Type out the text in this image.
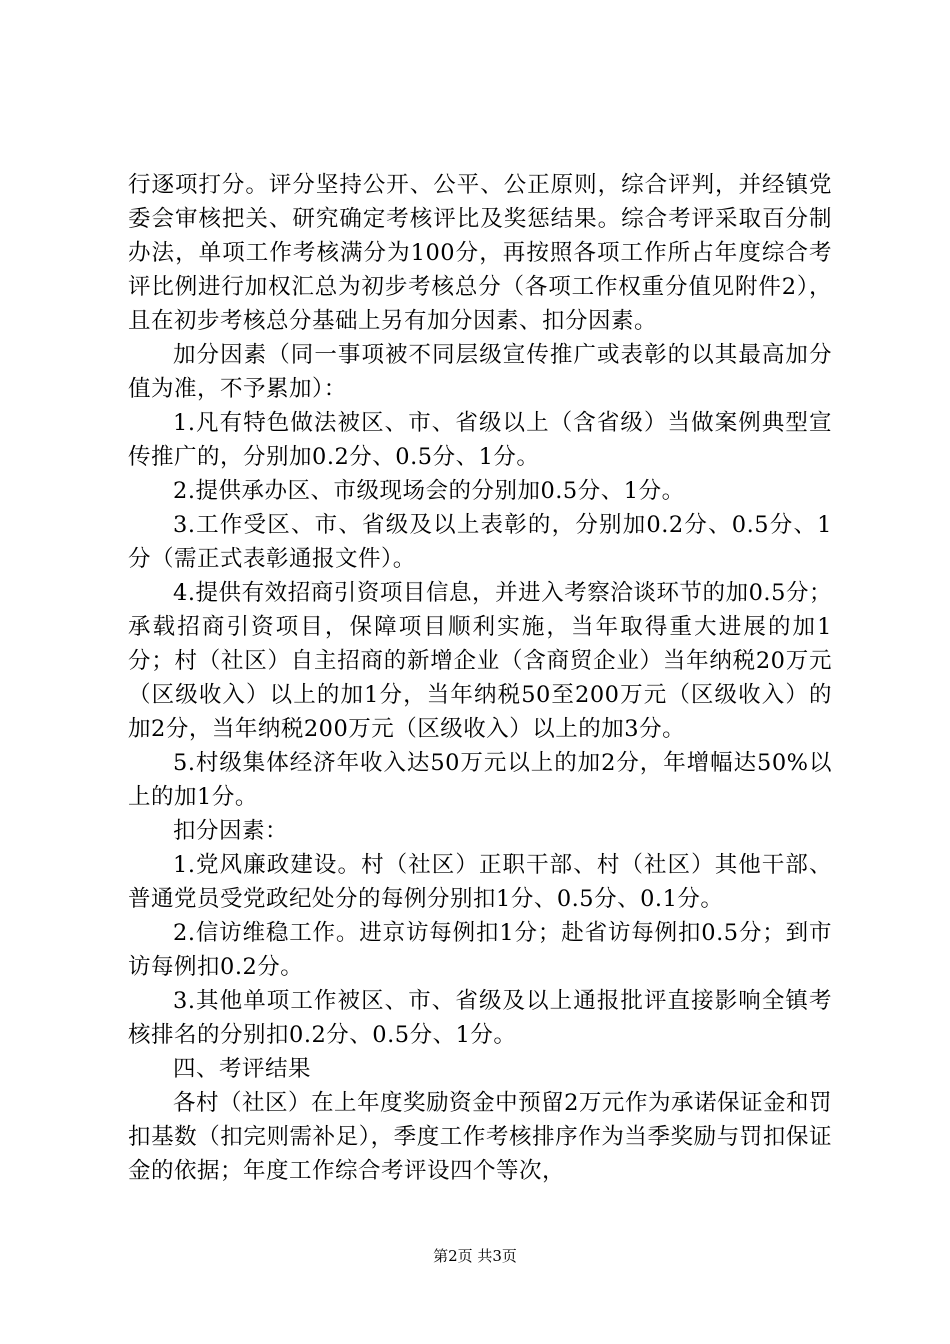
行逐项打分。评分坚持公开、公平、公正原则，综合评判，并经镇党委会审核把关、研究确定考核评比及奖惩结果。综合考评采取百分制办法，单项工作考核满分为100分，再按照各项工作所占年度综合考评比例进行加权汇总为初步考核总分（各项工作权重分值见附件2），且在初步考核总分基础上另有加分因素、扣分因素。

加分因素（同一事项被不同层级宣传推广或表彰的以其最高加分值为准，不予累加）：

1.凡有特色做法被区、市、省级以上（含省级）当做案例典型宣传推广的，分别加0.2分、0.5分、1分。

2.提供承办区、市级现场会的分别加0.5分、1分。

3.工作受区、市、省级及以上表彰的，分别加0.2分、0.5分、1分（需正式表彰通报文件）。

4.提供有效招商引资项目信息，并进入考察洽谈环节的加0.5分；承载招商引资项目，保障项目顺利实施，当年取得重大进展的加1分；村（社区）自主招商的新增企业（含商贸企业）当年纳税20万元（区级收入）以上的加1分，当年纳税50至200万元（区级收入）的加2分，当年纳税200万元（区级收入）以上的加3分。

5.村级集体经济年收入达50万元以上的加2分，年增幅达50%以上的加1分。

扣分因素：

1.党风廉政建设。村（社区）正职干部、村（社区）其他干部、普通党员受党政纪处分的每例分别扣1分、0.5分、0.1分。

2.信访维稳工作。进京访每例扣1分；赴省访每例扣0.5分；到市访每例扣0.2分。

3.其他单项工作被区、市、省级及以上通报批评直接影响全镇考核排名的分别扣0.2分、0.5分、1分。

四、考评结果

各村（社区）在上年度奖励资金中预留2万元作为承诺保证金和罚扣基数（扣完则需补足），季度工作考核排序作为当季奖励与罚扣保证金的依据；年度工作综合考评设四个等次，

第2页 共3页
